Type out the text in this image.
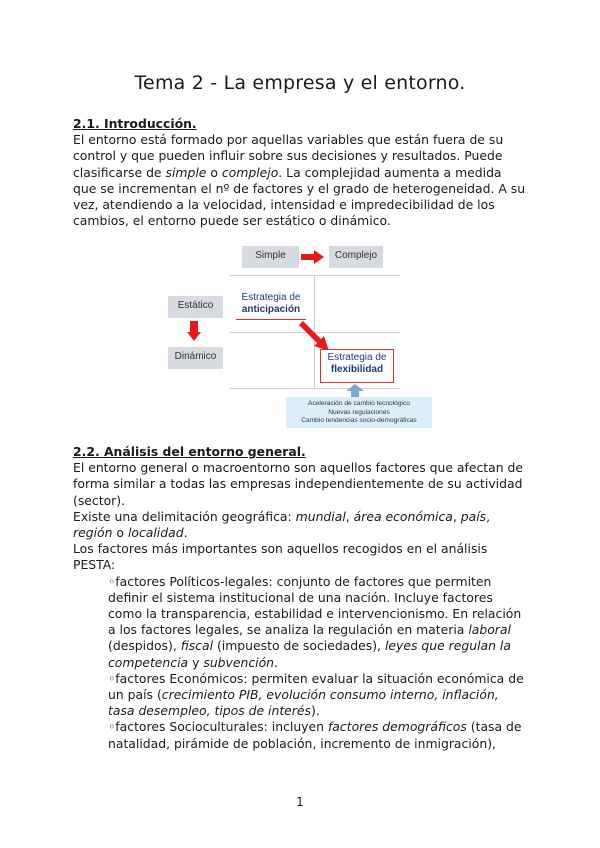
Tema 2 - La empresa y el entorno.
2.1. Introducción.
El entorno está formado por aquellas variables que están fuera de su control y que pueden influir sobre sus decisiones y resultados. Puede clasificarse de simple o complejo. La complejidad aumenta a medida que se incrementan el nº de factores y el grado de heterogeneidad. A su vez, atendiendo a la velocidad, intensidad e impredecibilidad de los cambios, el entorno puede ser estático o dinámico.
Simple	Complejo
Estático
Dinámico
Estrategia de
anticipación
Estrategia de
flexibilidad
Aceleración de cambio tecnológico
Nuevas regulaciones
Cambio tendencias socio-demográficas
2.2. Análisis del entorno general.
El entorno general o macroentorno son aquellos factores que afectan de forma similar a todas las empresas independientemente de su actividad (sector).
Existe una delimitación geográfica: mundial, área económica, país,
región o localidad.
Los factores más importantes son aquellos recogidos en el análisis PESTA:
◦factores Políticos-legales: conjunto de factores que permiten definir el sistema institucional de una nación. Incluye factores como la transparencia, estabilidad e intervencionismo. En relación a los factores legales, se analiza la regulación en materia laboral (despidos), fiscal (impuesto de sociedades), leyes que regulan la competencia y subvención.
◦factores Económicos: permiten evaluar la situación económica de un país (crecimiento PIB, evolución consumo interno, inflación, tasa desempleo, tipos de interés).
◦factores Socioculturales: incluyen factores demográficos (tasa de natalidad, pirámide de población, incremento de inmigración),
1
